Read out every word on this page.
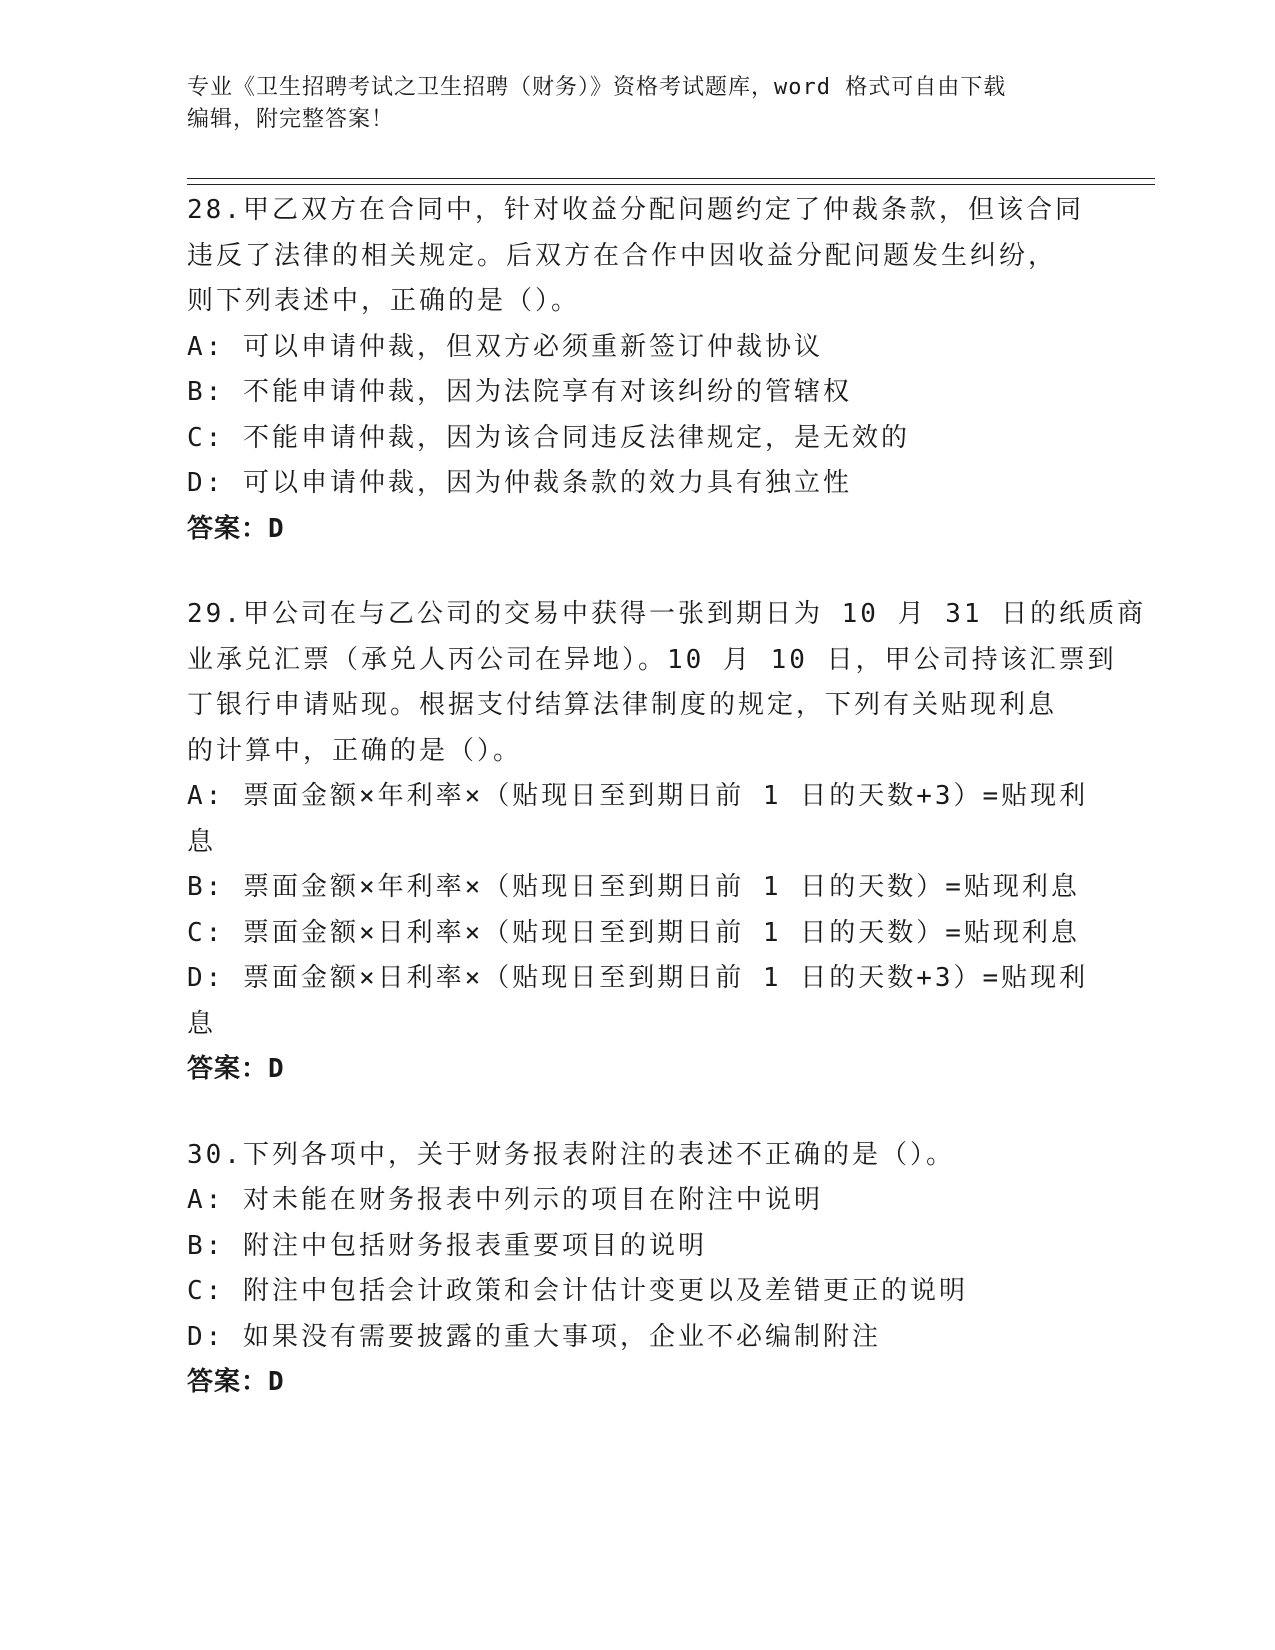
专业《卫生招聘考试之卫生招聘（财务）》资格考试题库，word 格式可自由下载
编辑，附完整答案！
28.甲乙双方在合同中，针对收益分配问题约定了仲裁条款，但该合同
违反了法律的相关规定。后双方在合作中因收益分配问题发生纠纷，
则下列表述中，正确的是（）。
A: 可以申请仲裁，但双方必须重新签订仲裁协议
B: 不能申请仲裁，因为法院享有对该纠纷的管辖权
C: 不能申请仲裁，因为该合同违反法律规定，是无效的
D: 可以申请仲裁，因为仲裁条款的效力具有独立性
答案：D
29.甲公司在与乙公司的交易中获得一张到期日为 10 月 31 日的纸质商
业承兑汇票（承兑人丙公司在异地）。10 月 10 日，甲公司持该汇票到
丁银行申请贴现。根据支付结算法律制度的规定，下列有关贴现利息
的计算中，正确的是（）。
A: 票面金额×年利率×（贴现日至到期日前 1 日的天数+3）=贴现利
息
B: 票面金额×年利率×（贴现日至到期日前 1 日的天数）=贴现利息
C: 票面金额×日利率×（贴现日至到期日前 1 日的天数）=贴现利息
D: 票面金额×日利率×（贴现日至到期日前 1 日的天数+3）=贴现利
息
答案：D
30.下列各项中，关于财务报表附注的表述不正确的是（）。
A: 对未能在财务报表中列示的项目在附注中说明
B: 附注中包括财务报表重要项目的说明
C: 附注中包括会计政策和会计估计变更以及差错更正的说明
D: 如果没有需要披露的重大事项，企业不必编制附注
答案：D
